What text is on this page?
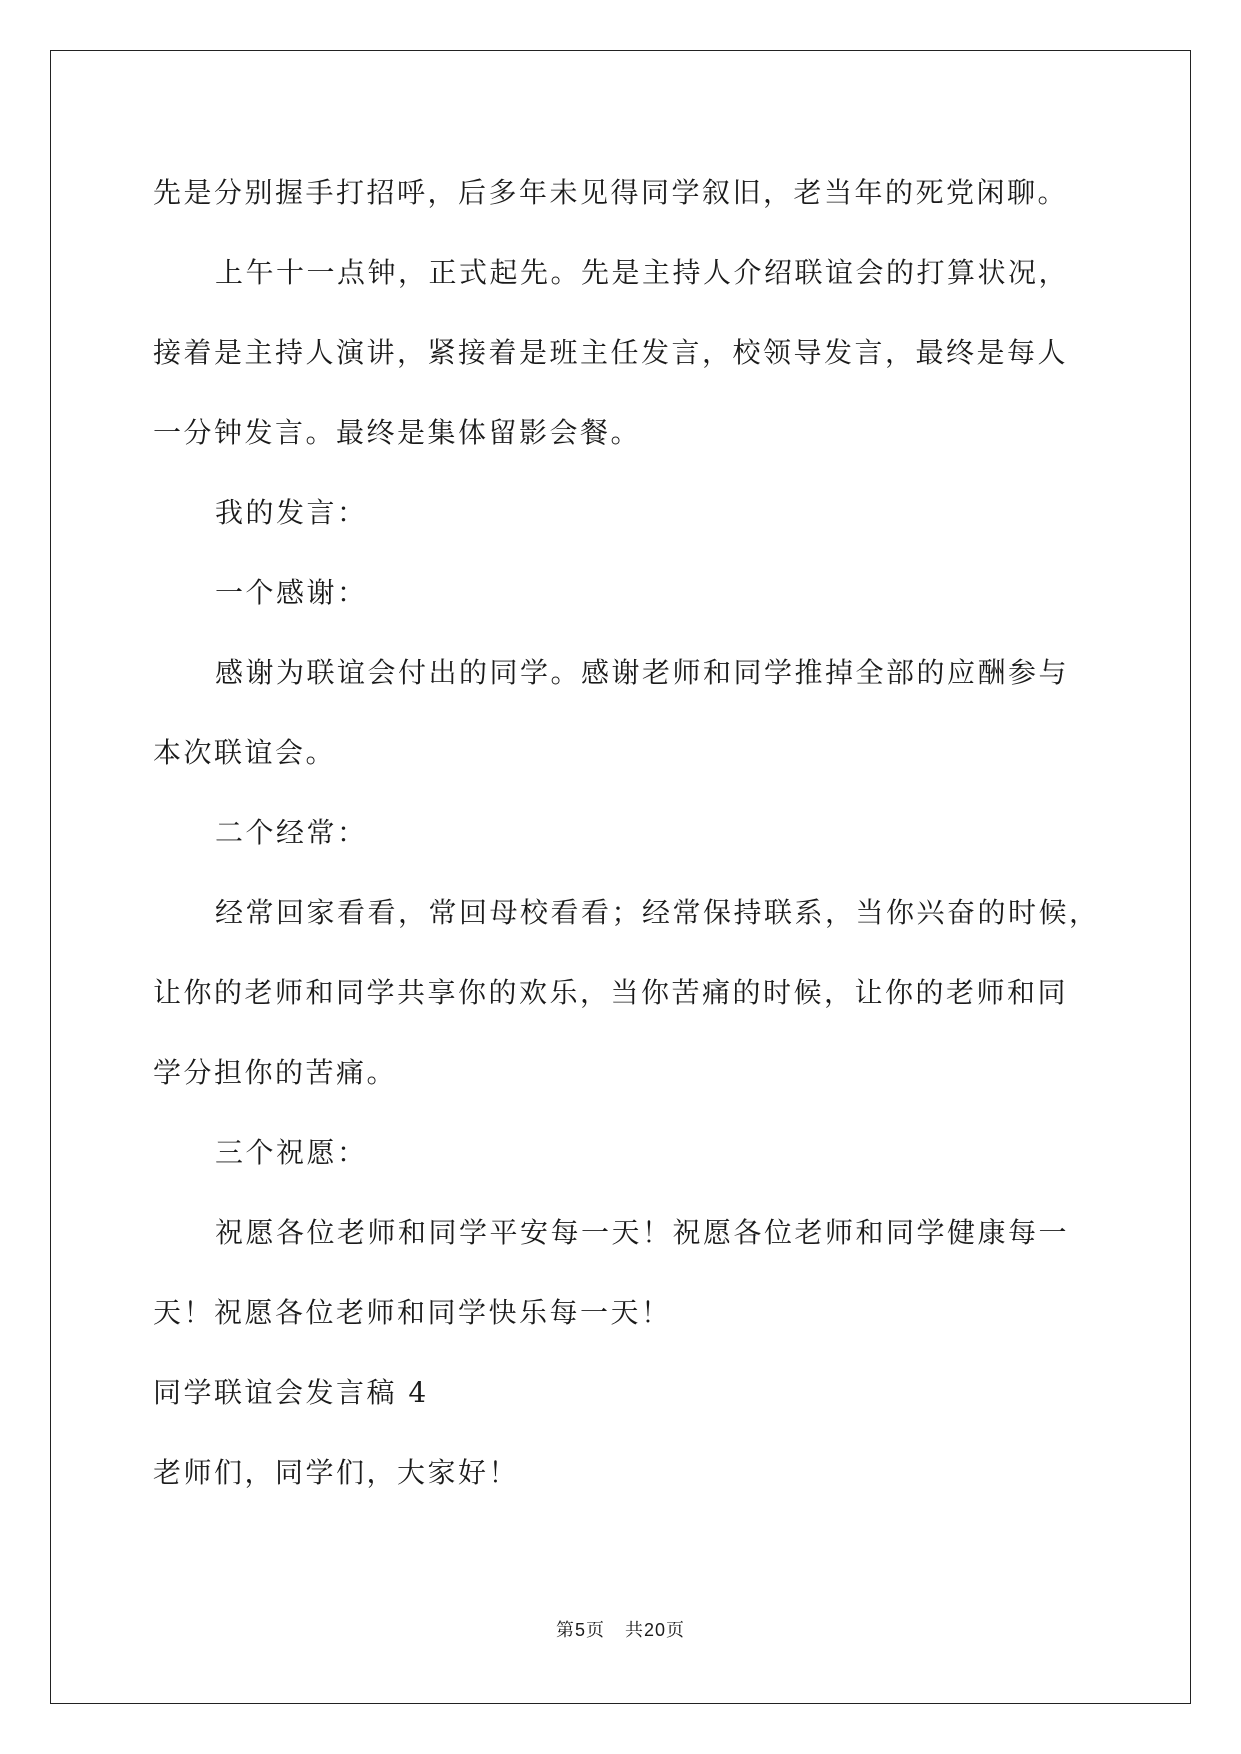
先是分别握手打招呼，后多年未见得同学叙旧，老当年的死党闲聊。
上午十一点钟，正式起先。先是主持人介绍联谊会的打算状况，
接着是主持人演讲，紧接着是班主任发言，校领导发言，最终是每人
一分钟发言。最终是集体留影会餐。
我的发言：
一个感谢：
感谢为联谊会付出的同学。感谢老师和同学推掉全部的应酬参与
本次联谊会。
二个经常：
经常回家看看，常回母校看看；经常保持联系，当你兴奋的时候，
让你的老师和同学共享你的欢乐，当你苦痛的时候，让你的老师和同
学分担你的苦痛。
三个祝愿：
祝愿各位老师和同学平安每一天！祝愿各位老师和同学健康每一
天！祝愿各位老师和同学快乐每一天！
同学联谊会发言稿 4
老师们，同学们，大家好！
第5页 共20页
